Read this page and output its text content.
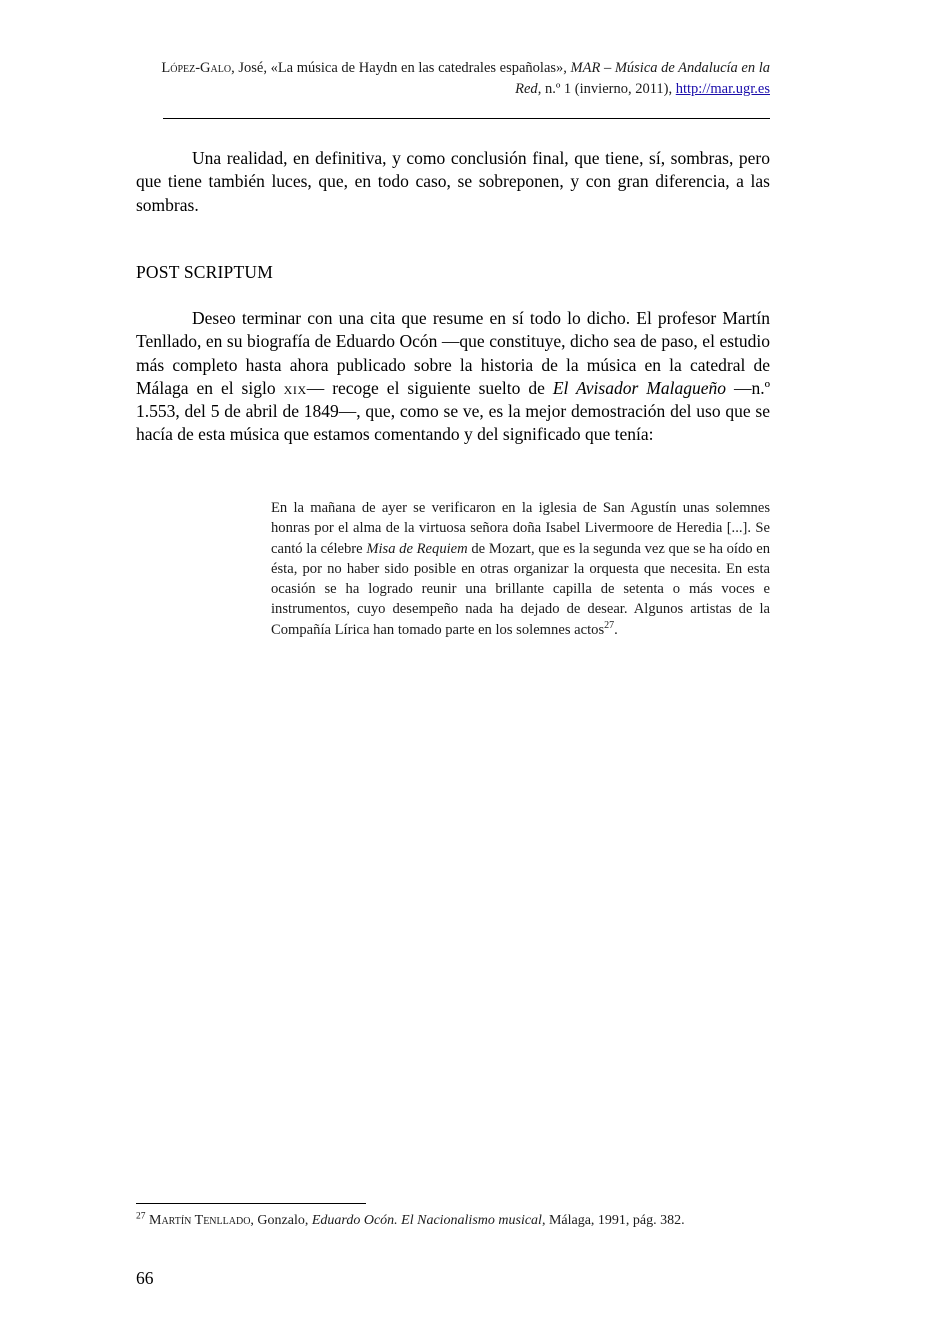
López-Galo, José, «La música de Haydn en las catedrales españolas», MAR – Música de Andalucía en la Red, n.º 1 (invierno, 2011), http://mar.ugr.es

Una realidad, en definitiva, y como conclusión final, que tiene, sí, sombras, pero que tiene también luces, que, en todo caso, se sobreponen, y con gran diferencia, a las sombras.

POST SCRIPTUM

Deseo terminar con una cita que resume en sí todo lo dicho. El profesor Martín Tenllado, en su biografía de Eduardo Ocón —que constituye, dicho sea de paso, el estudio más completo hasta ahora publicado sobre la historia de la música en la catedral de Málaga en el siglo xix— recoge el siguiente suelto de El Avisador Malagueño —n.º 1.553, del 5 de abril de 1849—, que, como se ve, es la mejor demostración del uso que se hacía de esta música que estamos comentando y del significado que tenía:

En la mañana de ayer se verificaron en la iglesia de San Agustín unas solemnes honras por el alma de la virtuosa señora doña Isabel Livermoore de Heredia [...]. Se cantó la célebre Misa de Requiem de Mozart, que es la segunda vez que se ha oído en ésta, por no haber sido posible en otras organizar la orquesta que necesita. En esta ocasión se ha logrado reunir una brillante capilla de setenta o más voces e instrumentos, cuyo desempeño nada ha dejado de desear. Algunos artistas de la Compañía Lírica han tomado parte en los solemnes actos$^{27}$.
$^{27}$ Martín Tenllado, Gonzalo, Eduardo Ocón. El Nacionalismo musical, Málaga, 1991, pág. 382.
66
